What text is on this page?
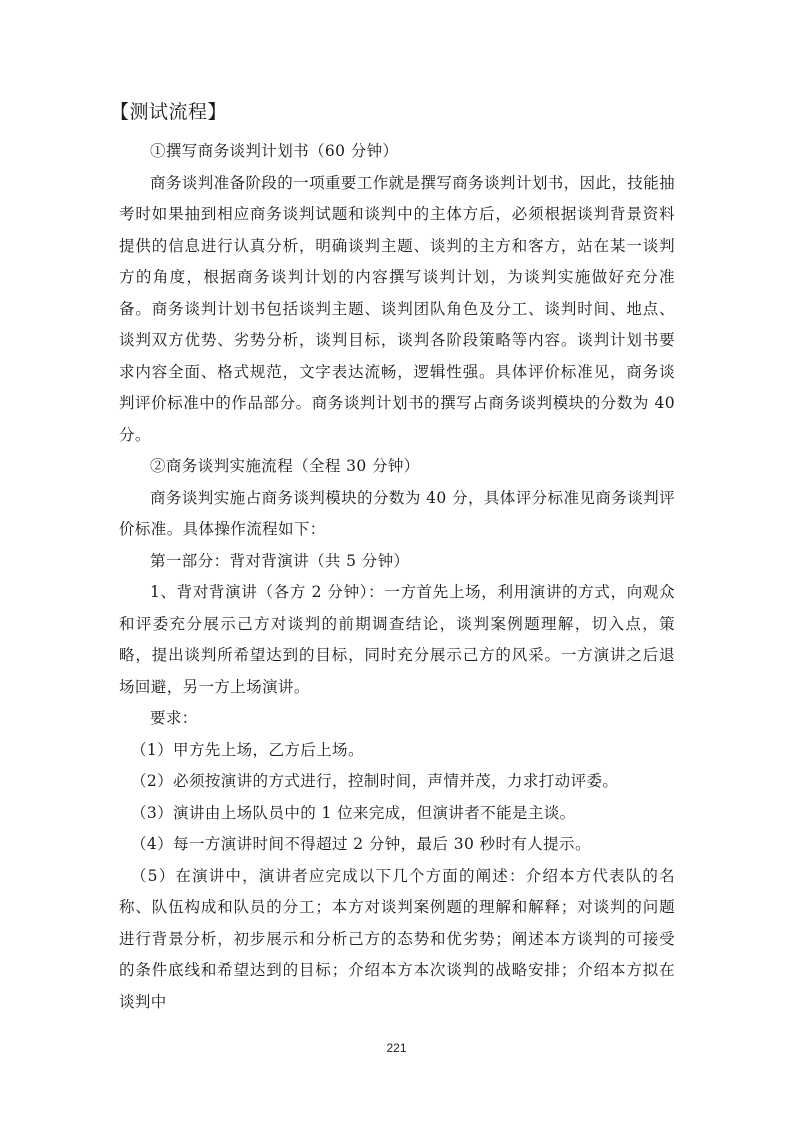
【测试流程】

①撰写商务谈判计划书（60 分钟）

商务谈判准备阶段的一项重要工作就是撰写商务谈判计划书，因此，技能抽考时如果抽到相应商务谈判试题和谈判中的主体方后，必须根据谈判背景资料提供的信息进行认真分析，明确谈判主题、谈判的主方和客方，站在某一谈判方的角度，根据商务谈判计划的内容撰写谈判计划，为谈判实施做好充分准备。商务谈判计划书包括谈判主题、谈判团队角色及分工、谈判时间、地点、谈判双方优势、劣势分析，谈判目标，谈判各阶段策略等内容。谈判计划书要求内容全面、格式规范，文字表达流畅，逻辑性强。具体评价标准见，商务谈判评价标准中的作品部分。商务谈判计划书的撰写占商务谈判模块的分数为 40 分。

②商务谈判实施流程（全程 30 分钟）

商务谈判实施占商务谈判模块的分数为 40 分，具体评分标准见商务谈判评价标准。具体操作流程如下：

第一部分：背对背演讲（共 5 分钟）

1、背对背演讲（各方 2 分钟）：一方首先上场，利用演讲的方式，向观众和评委充分展示己方对谈判的前期调查结论，谈判案例题理解，切入点，策略，提出谈判所希望达到的目标，同时充分展示己方的风采。一方演讲之后退场回避，另一方上场演讲。

要求：

（1）甲方先上场，乙方后上场。

（2）必须按演讲的方式进行，控制时间，声情并茂，力求打动评委。

（3）演讲由上场队员中的 1 位来完成，但演讲者不能是主谈。

（4）每一方演讲时间不得超过 2 分钟，最后 30 秒时有人提示。

（5）在演讲中，演讲者应完成以下几个方面的阐述：介绍本方代表队的名称、队伍构成和队员的分工；本方对谈判案例题的理解和解释；对谈判的问题进行背景分析，初步展示和分析己方的态势和优劣势；阐述本方谈判的可接受的条件底线和希望达到的目标；介绍本方本次谈判的战略安排；介绍本方拟在谈判中

221
